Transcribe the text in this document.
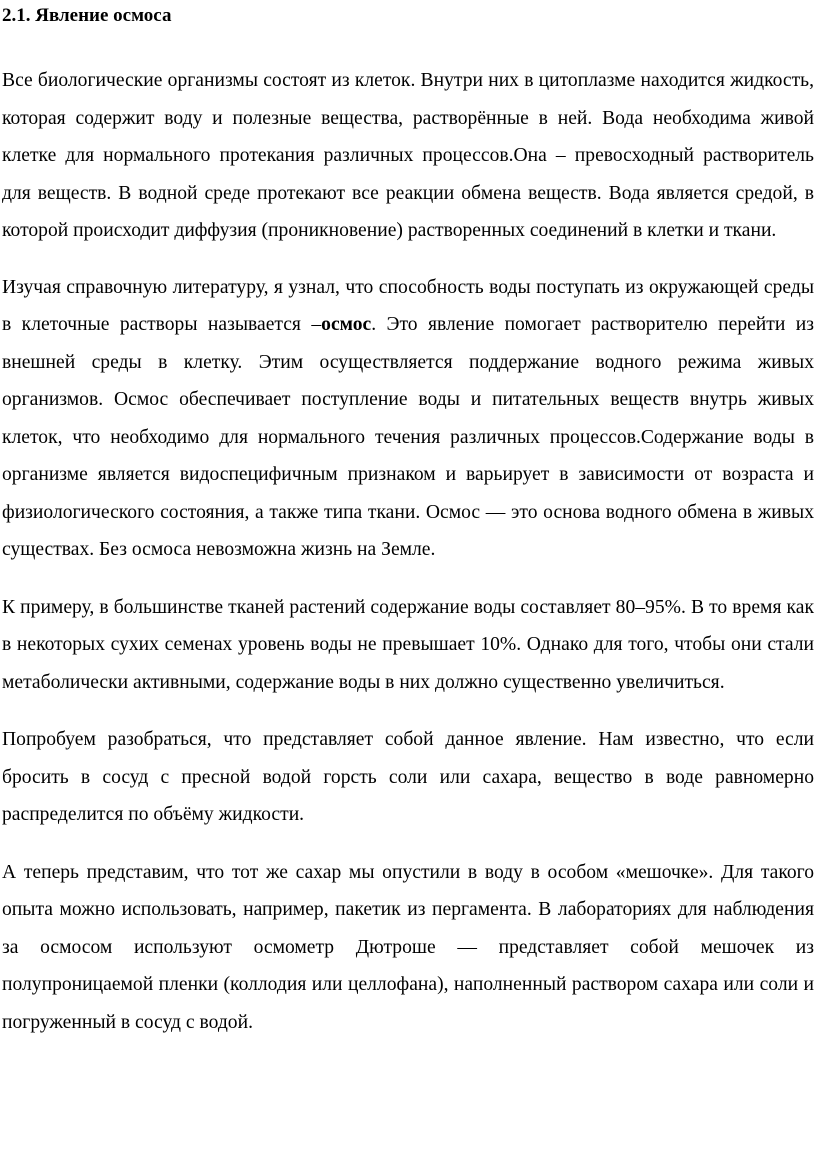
2.1. Явление осмоса

Все биологические организмы состоят из клеток. Внутри них в цитоплазме находится жидкость, которая содержит воду и полезные вещества, растворённые в ней. Вода необходима живой клетке для нормального протекания различных процессов.Она – превосходный растворитель для веществ. В водной среде протекают все реакции обмена веществ. Вода является средой, в которой происходит диффузия (проникновение) растворенных соединений в клетки и ткани.

Изучая справочную литературу, я узнал, что способность воды поступать из окружающей среды в клеточные растворы называется –осмос. Это явление помогает растворителю перейти из внешней среды в клетку. Этим осуществляется поддержание водного режима живых организмов. Осмос обеспечивает поступление воды и питательных веществ внутрь живых клеток, что необходимо для нормального течения различных процессов.Содержание воды в организме является видоспецифичным признаком и варьирует в зависимости от возраста и физиологического состояния, а также типа ткани. Осмос — это основа водного обмена в живых существах. Без осмоса невозможна жизнь на Земле.

К примеру, в большинстве тканей растений содержание воды составляет 80–95%. В то время как в некоторых сухих семенах уровень воды не превышает 10%. Однако для того, чтобы они стали метаболически активными, содержание воды в них должно существенно увеличиться.

Попробуем разобраться, что представляет собой данное явление. Нам известно, что если бросить в сосуд с пресной водой горсть соли или сахара, вещество в воде равномерно распределится по объёму жидкости.

А теперь представим, что тот же сахар мы опустили в воду в особом «мешочке». Для такого опыта можно использовать, например, пакетик из пергамента. В лабораториях для наблюдения за осмосом используют осмометр Дютроше — представляет собой мешочек из полупроницаемой пленки (коллодия или целлофана), наполненный раствором сахара или соли и погруженный в сосуд с водой.
